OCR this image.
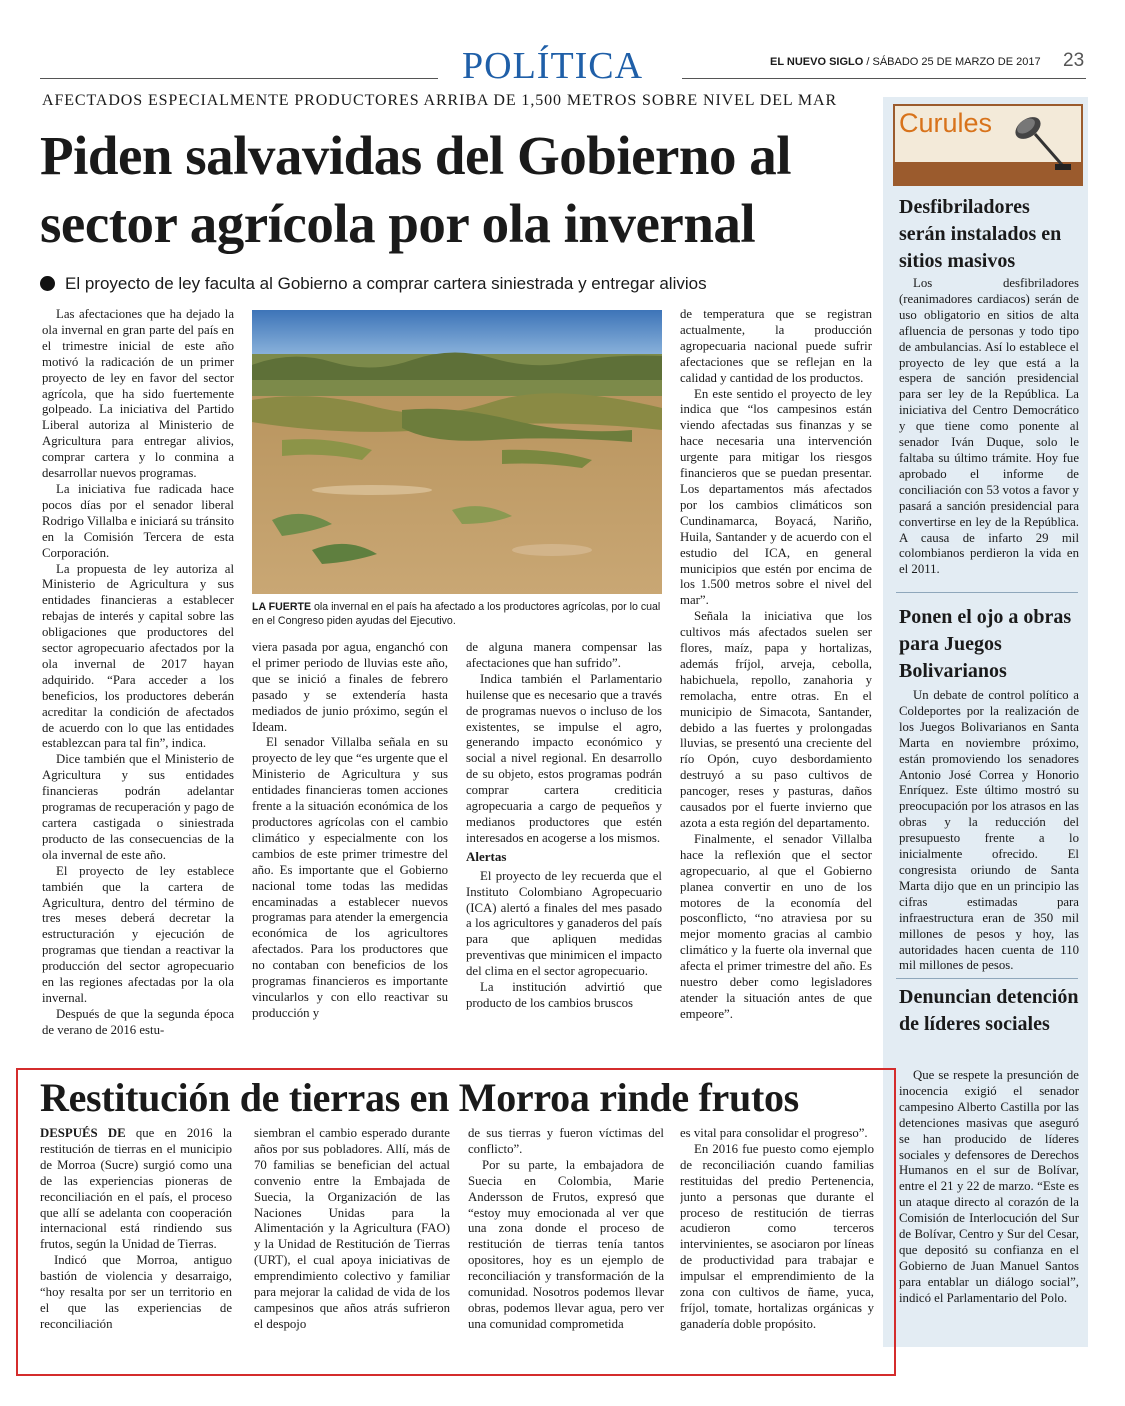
POLÍTICA	EL NUEVO SIGLO / SÁBADO 25 DE MARZO DE 2017 23
AFECTADOS ESPECIALMENTE PRODUCTORES ARRIBA DE 1,500 METROS SOBRE NIVEL DEL MAR
Piden salvavidas del Gobierno al sector agrícola por ola invernal
El proyecto de ley faculta al Gobierno a comprar cartera siniestrada y entregar alivios

Las afectaciones que ha dejado la ola invernal en gran parte del país en el trimestre inicial de este año motivó la radicación de un primer proyecto de ley en favor del sector agrícola, que ha sido fuertemente golpeado. La iniciativa del Partido Liberal autoriza al Ministerio de Agricultura para entregar alivios, comprar cartera y lo conmina a desarrollar nuevos programas.

La iniciativa fue radicada hace pocos días por el senador liberal Rodrigo Villalba e iniciará su tránsito en la Comisión Tercera de esta Corporación.

La propuesta de ley autoriza al Ministerio de Agricultura y sus entidades financieras a establecer rebajas de interés y capital sobre las obligaciones que productores del sector agropecuario afectados por la ola invernal de 2017 hayan adquirido. “Para acceder a los beneficios, los productores deberán acreditar la condición de afectados de acuerdo con lo que las entidades establezcan para tal fin”, indica.

Dice también que el Ministerio de Agricultura y sus entidades financieras podrán adelantar programas de recuperación y pago de cartera castigada o siniestrada producto de las consecuencias de la ola invernal de este año.

El proyecto de ley establece también que la cartera de Agricultura, dentro del término de tres meses deberá decretar la estructuración y ejecución de programas que tiendan a reactivar la producción del sector agropecuario en las regiones afectadas por la ola invernal.

Después de que la segunda época de verano de 2016 estu-

LA FUERTE ola invernal en el país ha afectado a los productores agrícolas, por lo cual en el Congreso piden ayudas del Ejecutivo.

viera pasada por agua, enganchó con el primer periodo de lluvias este año, que se inició a finales de febrero pasado y se extendería hasta mediados de junio próximo, según el Ideam.

El senador Villalba señala en su proyecto de ley que “es urgente que el Ministerio de Agricultura y sus entidades financieras tomen acciones frente a la situación económica de los productores agrícolas con el cambio climático y especialmente con los cambios de este primer trimestre del año. Es importante que el Gobierno nacional tome todas las medidas encaminadas a establecer nuevos programas para atender la emergencia económica de los agricultores afectados. Para los productores que no contaban con beneficios de los programas financieros es importante vincularlos y con ello reactivar su producción y

de alguna manera compensar las afectaciones que han sufrido”.

Indica también el Parlamentario huilense que es necesario que a través de programas nuevos o incluso de los existentes, se impulse el agro, generando impacto económico y social a nivel regional. En desarrollo de su objeto, estos programas podrán comprar cartera crediticia agropecuaria a cargo de pequeños y medianos productores que estén interesados en acogerse a los mismos.

Alertas

El proyecto de ley recuerda que el Instituto Colombiano Agropecuario (ICA) alertó a finales del mes pasado a los agricultores y ganaderos del país para que apliquen medidas preventivas que minimicen el impacto del clima en el sector agropecuario.

La institución advirtió que producto de los cambios bruscos

de temperatura que se registran actualmente, la producción agropecuaria nacional puede sufrir afectaciones que se reflejan en la calidad y cantidad de los productos.

En este sentido el proyecto de ley indica que “los campesinos están viendo afectadas sus finanzas y se hace necesaria una intervención urgente para mitigar los riesgos financieros que se puedan presentar. Los departamentos más afectados por los cambios climáticos son Cundinamarca, Boyacá, Nariño, Huila, Santander y de acuerdo con el estudio del ICA, en general municipios que estén por encima de los 1.500 metros sobre el nivel del mar”.

Señala la iniciativa que los cultivos más afectados suelen ser flores, maíz, papa y hortalizas, además fríjol, arveja, cebolla, habichuela, repollo, zanahoria y remolacha, entre otras. En el municipio de Simacota, Santander, debido a las fuertes y prolongadas lluvias, se presentó una creciente del río Opón, cuyo desbordamiento destruyó a su paso cultivos de pancoger, reses y pasturas, daños causados por el fuerte invierno que azota a esta región del departamento.

Finalmente, el senador Villalba hace la reflexión que el sector agropecuario, al que el Gobierno planea convertir en uno de los motores de la economía del posconflicto, “no atraviesa por su mejor momento gracias al cambio climático y la fuerte ola invernal que afecta el primer trimestre del año. Es nuestro deber como legisladores atender la situación antes de que empeore”.

Curules
Desfibriladores serán instalados en sitios masivos

Los desfibriladores (reanimadores cardiacos) serán de uso obligatorio en sitios de alta afluencia de personas y todo tipo de ambulancias. Así lo establece el proyecto de ley que está a la espera de sanción presidencial para ser ley de la República. La iniciativa del Centro Democrático y que tiene como ponente al senador Iván Duque, solo le faltaba su último trámite. Hoy fue aprobado el informe de conciliación con 53 votos a favor y pasará a sanción presidencial para convertirse en ley de la República. A causa de infarto 29 mil colombianos perdieron la vida en el 2011.

Ponen el ojo a obras para Juegos Bolivarianos

Un debate de control político a Coldeportes por la realización de los Juegos Bolivarianos en Santa Marta en noviembre próximo, están promoviendo los senadores Antonio José Correa y Honorio Enríquez. Este último mostró su preocupación por los atrasos en las obras y la reducción del presupuesto frente a lo inicialmente ofrecido. El congresista oriundo de Santa Marta dijo que en un principio las cifras estimadas para infraestructura eran de 350 mil millones de pesos y hoy, las autoridades hacen cuenta de 110 mil millones de pesos.

Denuncian detención de líderes sociales

Que se respete la presunción de inocencia exigió el senador campesino Alberto Castilla por las detenciones masivas que aseguró se han producido de líderes sociales y defensores de Derechos Humanos en el sur de Bolívar, entre el 21 y 22 de marzo. “Este es un ataque directo al corazón de la Comisión de Interlocución del Sur de Bolívar, Centro y Sur del Cesar, que depositó su confianza en el Gobierno de Juan Manuel Santos para entablar un diálogo social”, indicó el Parlamentario del Polo.

Restitución de tierras en Morroa rinde frutos

DESPUÉS DE que en 2016 la restitución de tierras en el municipio de Morroa (Sucre) surgió como una de las experiencias pioneras de reconciliación en el país, el proceso que allí se adelanta con cooperación internacional está rindiendo sus frutos, según la Unidad de Tierras.

Indicó que Morroa, antiguo bastión de violencia y desarraigo, “hoy resalta por ser un territorio en el que las experiencias de reconciliación

siembran el cambio esperado durante años por sus pobladores. Allí, más de 70 familias se benefician del actual convenio entre la Embajada de Suecia, la Organización de las Naciones Unidas para la Alimentación y la Agricultura (FAO) y la Unidad de Restitución de Tierras (URT), el cual apoya iniciativas de emprendimiento colectivo y familiar para mejorar la calidad de vida de los campesinos que años atrás sufrieron el despojo

de sus tierras y fueron víctimas del conflicto”.

Por su parte, la embajadora de Suecia en Colombia, Marie Andersson de Frutos, expresó que “estoy muy emocionada al ver que una zona donde el proceso de restitución de tierras tenía tantos opositores, hoy es un ejemplo de reconciliación y transformación de la comunidad. Nosotros podemos llevar obras, podemos llevar agua, pero ver una comunidad comprometida

es vital para consolidar el progreso”.

En 2016 fue puesto como ejemplo de reconciliación cuando familias restituidas del predio Pertenencia, junto a personas que durante el proceso de restitución de tierras acudieron como terceros intervinientes, se asociaron por líneas de productividad para trabajar e impulsar el emprendimiento de la zona con cultivos de ñame, yuca, fríjol, tomate, hortalizas orgánicas y ganadería doble propósito.
